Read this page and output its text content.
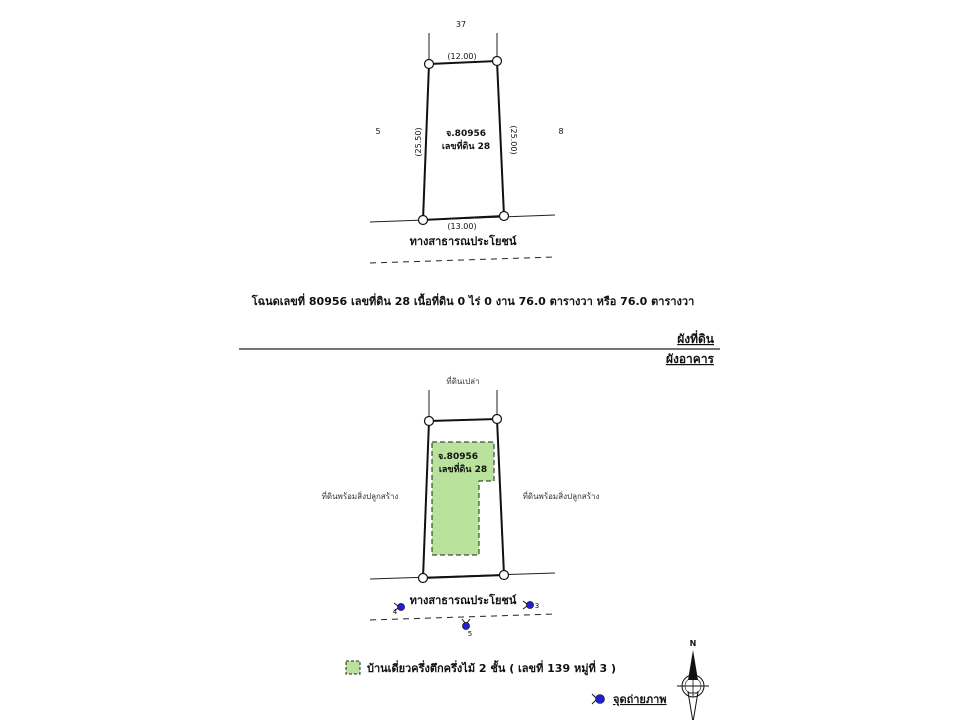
37
5	8
(12.00)
(25.50)	(25.00)
(13.00)
จ.80956
เลขที่ดิน 28
ทางสาธารณประโยชน์
โฉนดเลขที่ 80956 เลขที่ดิน 28 เนื้อที่ดิน 0 ไร่ 0 งาน 76.0 ตารางวา หรือ 76.0 ตารางวา
ผังที่ดิน
ผังอาคาร
ที่ดินเปล่า
ที่ดินพร้อมสิ่งปลูกสร้าง	ที่ดินพร้อมสิ่งปลูกสร้าง
จ.80956
เลขที่ดิน 28
ทางสาธารณประโยชน์
4
3
5
บ้านเดี่ยวครึ่งตึกครึ่งไม้ 2 ชั้น ( เลขที่ 139 หมู่ที่ 3 )
จุดถ่ายภาพ
N
